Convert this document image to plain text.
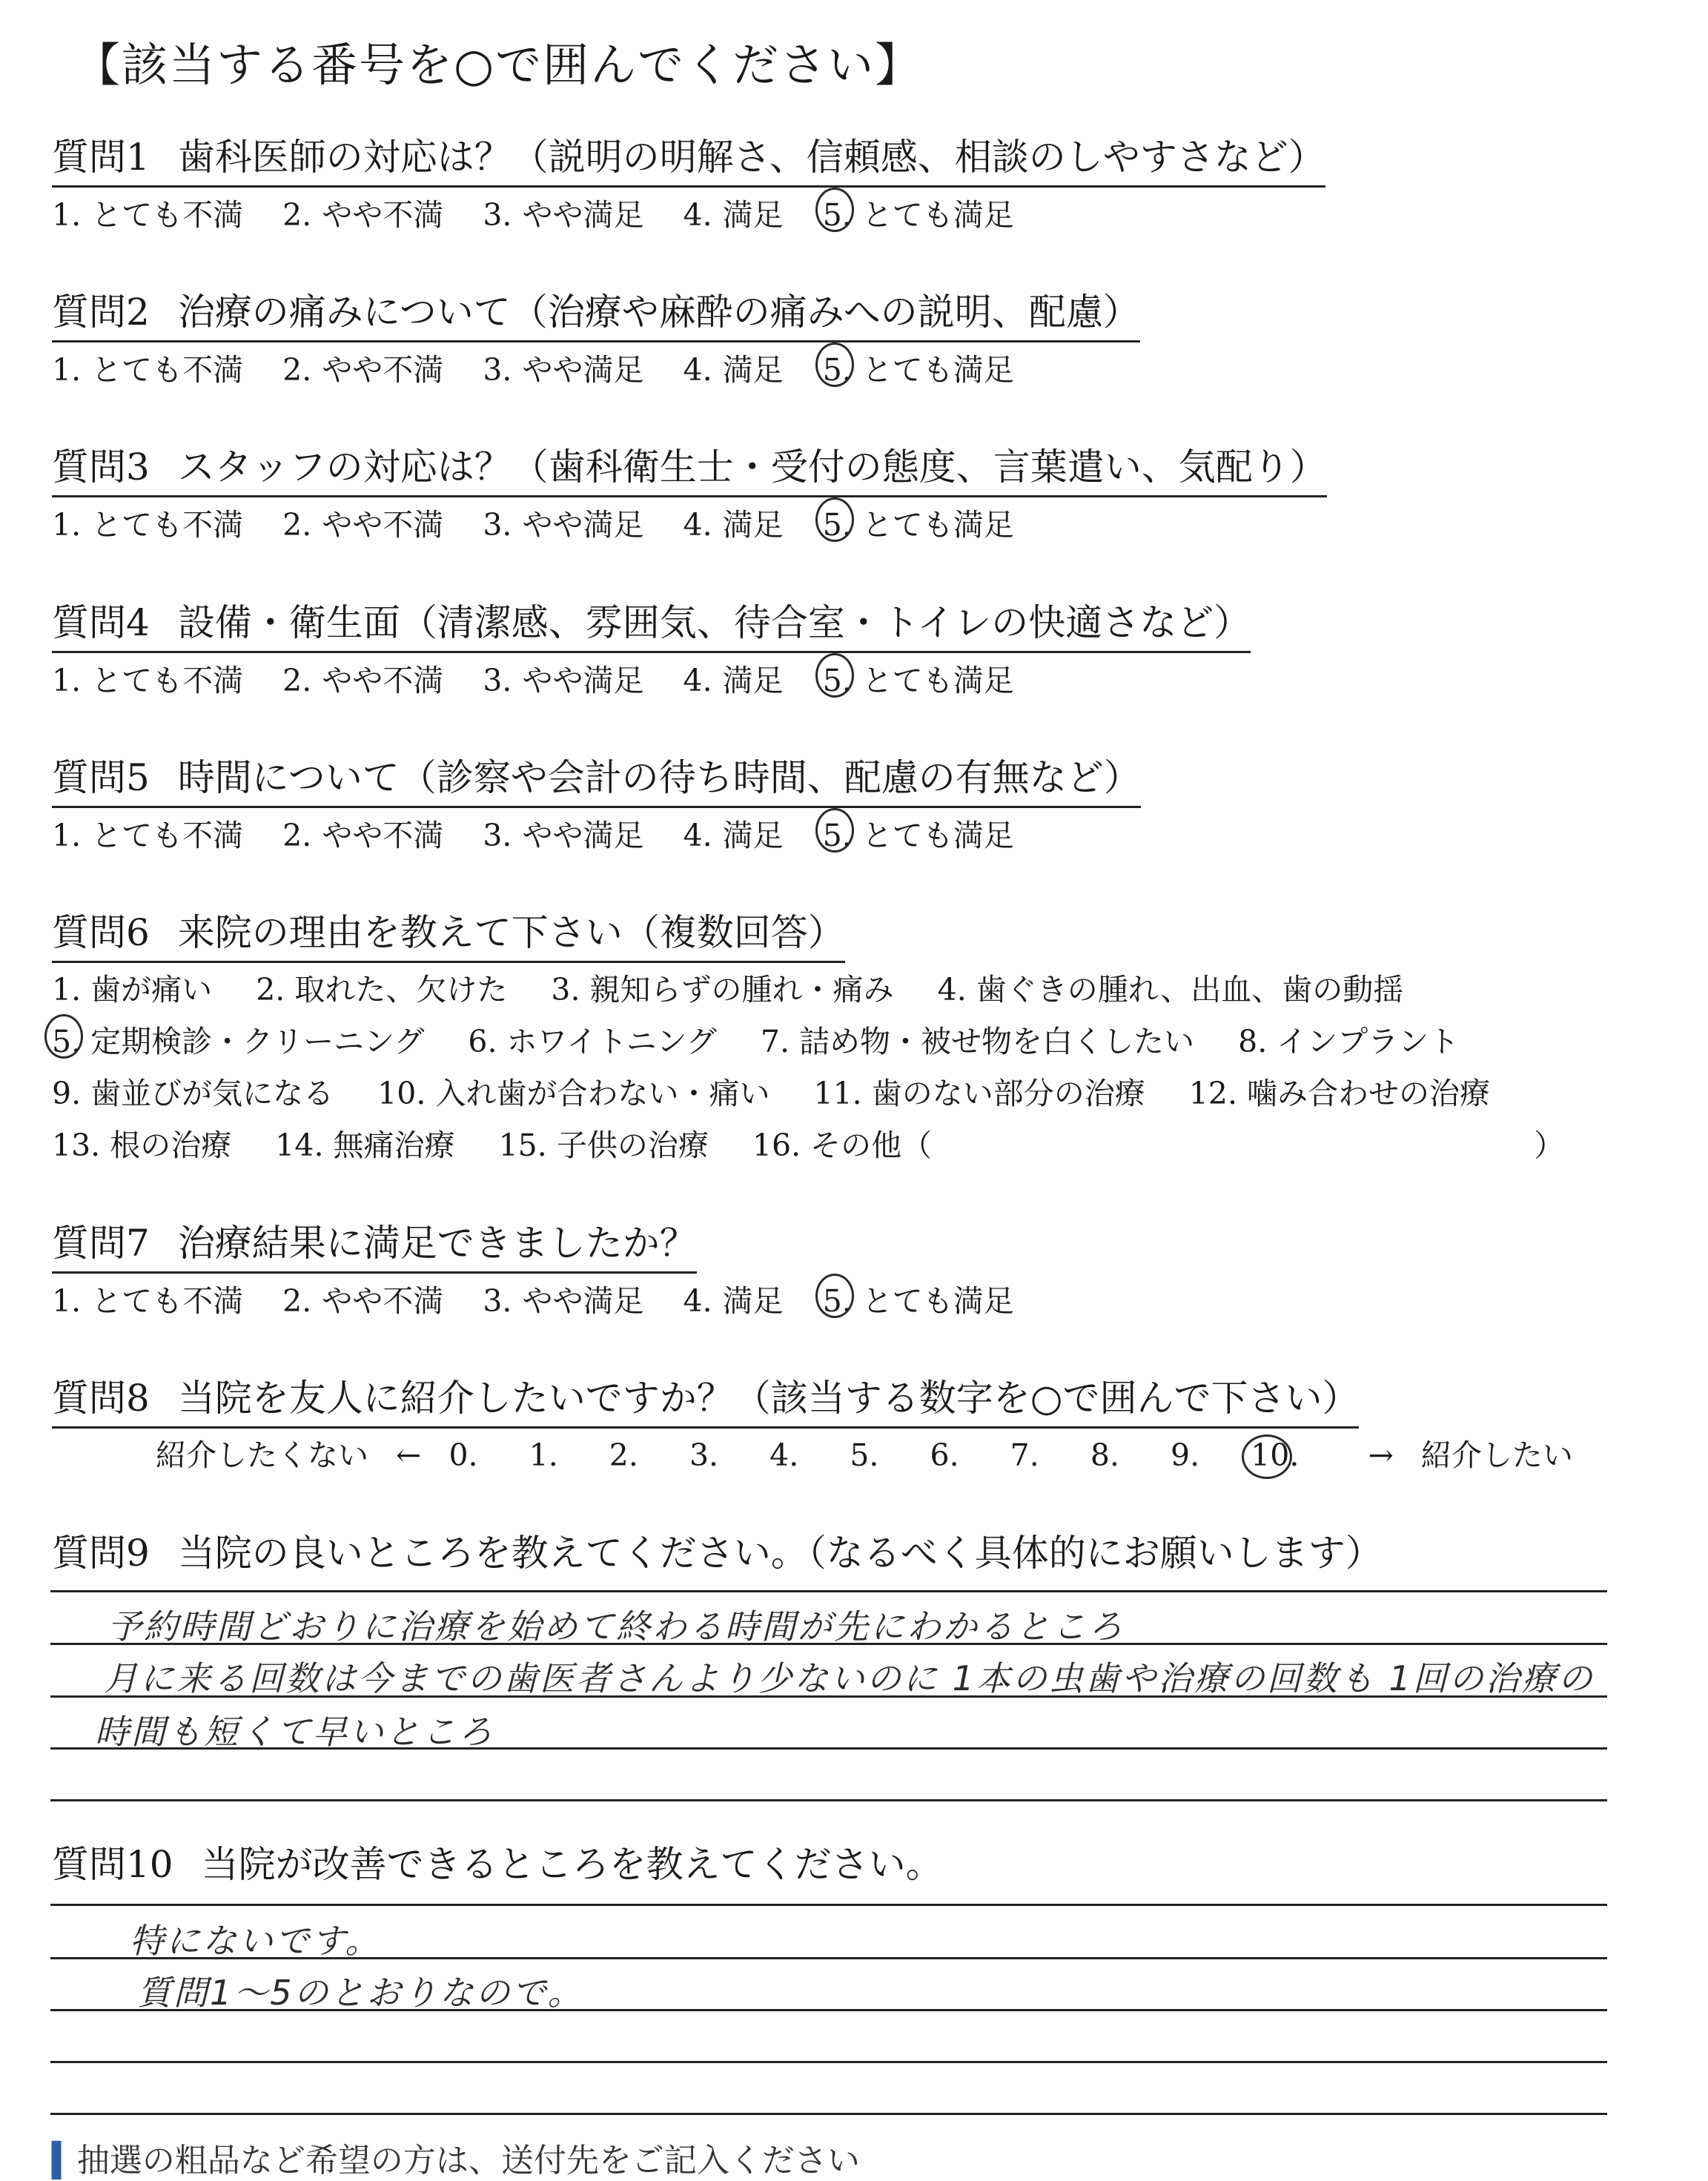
【該当する番号を○で囲んでください】
質問1 歯科医師の対応は？（説明の明解さ、信頼感、相談のしやすさなど）
1. とても不満 2. やや不満 3. やや満足 4. 満足 5. とても満足
質問2 治療の痛みについて（治療や麻酔の痛みへの説明、配慮）
1. とても不満 2. やや不満 3. やや満足 4. 満足 5. とても満足
質問3 スタッフの対応は？（歯科衛生士・受付の態度、言葉遣い、気配り）
1. とても不満 2. やや不満 3. やや満足 4. 満足 5. とても満足
質問4 設備・衛生面（清潔感、雰囲気、待合室・トイレの快適さなど）
1. とても不満 2. やや不満 3. やや満足 4. 満足 5. とても満足
質問5 時間について（診察や会計の待ち時間、配慮の有無など）
1. とても不満 2. やや不満 3. やや満足 4. 満足 5. とても満足
質問6 来院の理由を教えて下さい（複数回答）
1. 歯が痛い 2. 取れた、欠けた 3. 親知らずの腫れ・痛み 4. 歯ぐきの腫れ、出血、歯の動揺
5. 定期検診・クリーニング 6. ホワイトニング 7. 詰め物・被せ物を白くしたい 8. インプラント
9. 歯並びが気になる 10. 入れ歯が合わない・痛い 11. 歯のない部分の治療 12. 噛み合わせの治療
13. 根の治療 14. 無痛治療 15. 子供の治療 16. その他（	）
質問7 治療結果に満足できましたか？
1. とても不満 2. やや不満 3. やや満足 4. 満足 5. とても満足
質問8 当院を友人に紹介したいですか？（該当する数字を○で囲んで下さい）
紹介したくない ← 0. 1. 2. 3. 4. 5. 6. 7. 8. 9. 10. → 紹介したい
質問9 当院の良いところを教えてください。（なるべく具体的にお願いします）
予約時間どおりに治療を始めて終わる時間が先にわかるところ
月に来る回数は今までの歯医者さんより少ないのに 1本の虫歯や治療の回数も 1回の治療の
時間も短くて早いところ
質問10 当院が改善できるところを教えてください。
特にないです。
質問1〜5のとおりなので。
▍抽選の粗品など希望の方は、送付先をご記入ください
